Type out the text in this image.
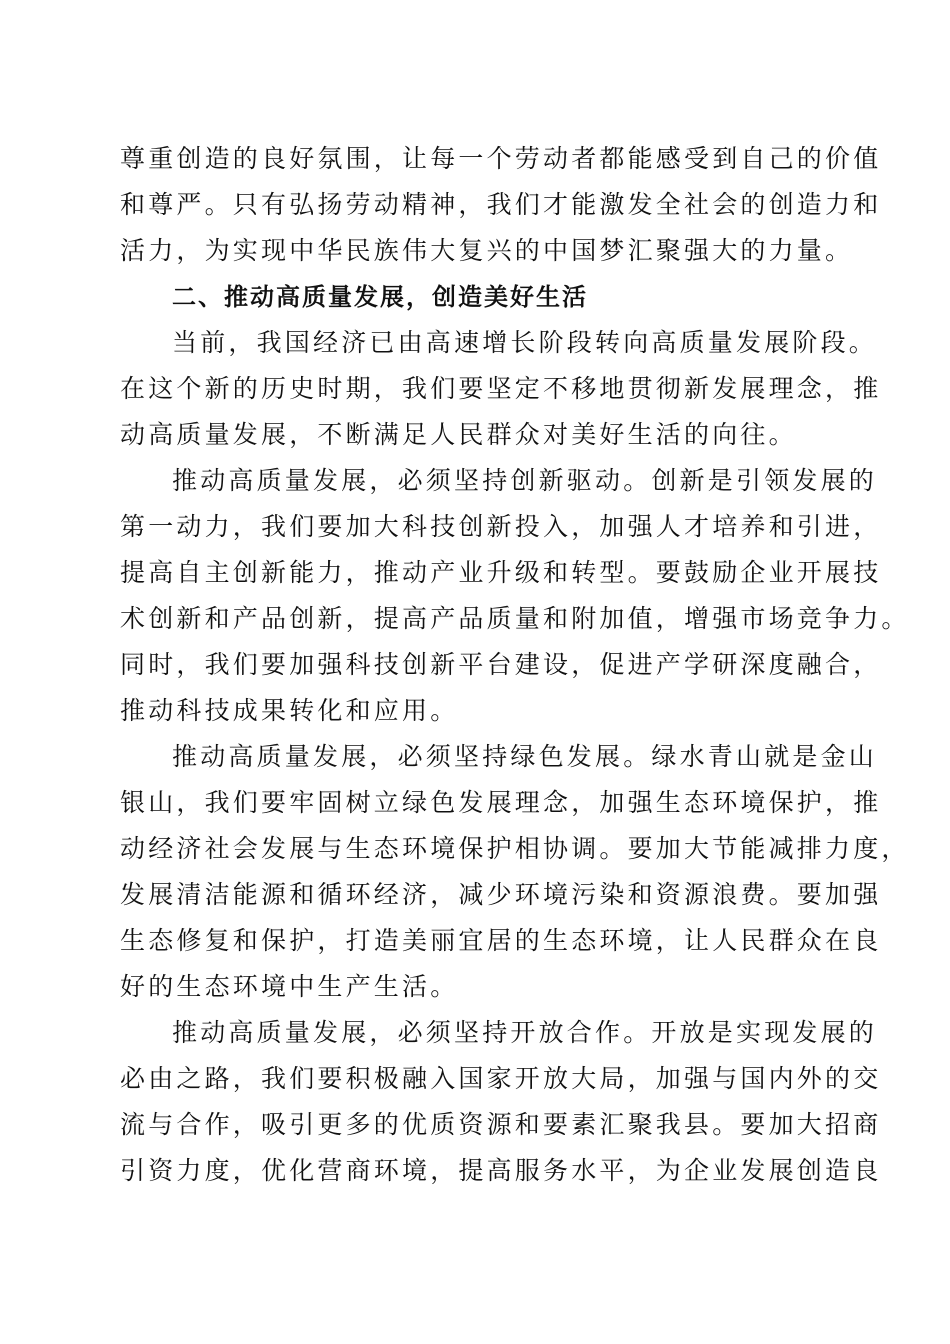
尊重创造的良好氛围，让每一个劳动者都能感受到自己的价值
和尊严。只有弘扬劳动精神，我们才能激发全社会的创造力和
活力，为实现中华民族伟大复兴的中国梦汇聚强大的力量。

二、推动高质量发展，创造美好生活

当前，我国经济已由高速增长阶段转向高质量发展阶段。
在这个新的历史时期，我们要坚定不移地贯彻新发展理念，推
动高质量发展，不断满足人民群众对美好生活的向往。

推动高质量发展，必须坚持创新驱动。创新是引领发展的
第一动力，我们要加大科技创新投入，加强人才培养和引进，
提高自主创新能力，推动产业升级和转型。要鼓励企业开展技
术创新和产品创新，提高产品质量和附加值，增强市场竞争力。
同时，我们要加强科技创新平台建设，促进产学研深度融合，
推动科技成果转化和应用。

推动高质量发展，必须坚持绿色发展。绿水青山就是金山
银山，我们要牢固树立绿色发展理念，加强生态环境保护，推
动经济社会发展与生态环境保护相协调。要加大节能减排力度，
发展清洁能源和循环经济，减少环境污染和资源浪费。要加强
生态修复和保护，打造美丽宜居的生态环境，让人民群众在良
好的生态环境中生产生活。

推动高质量发展，必须坚持开放合作。开放是实现发展的
必由之路，我们要积极融入国家开放大局，加强与国内外的交
流与合作，吸引更多的优质资源和要素汇聚我县。要加大招商
引资力度，优化营商环境，提高服务水平，为企业发展创造良
